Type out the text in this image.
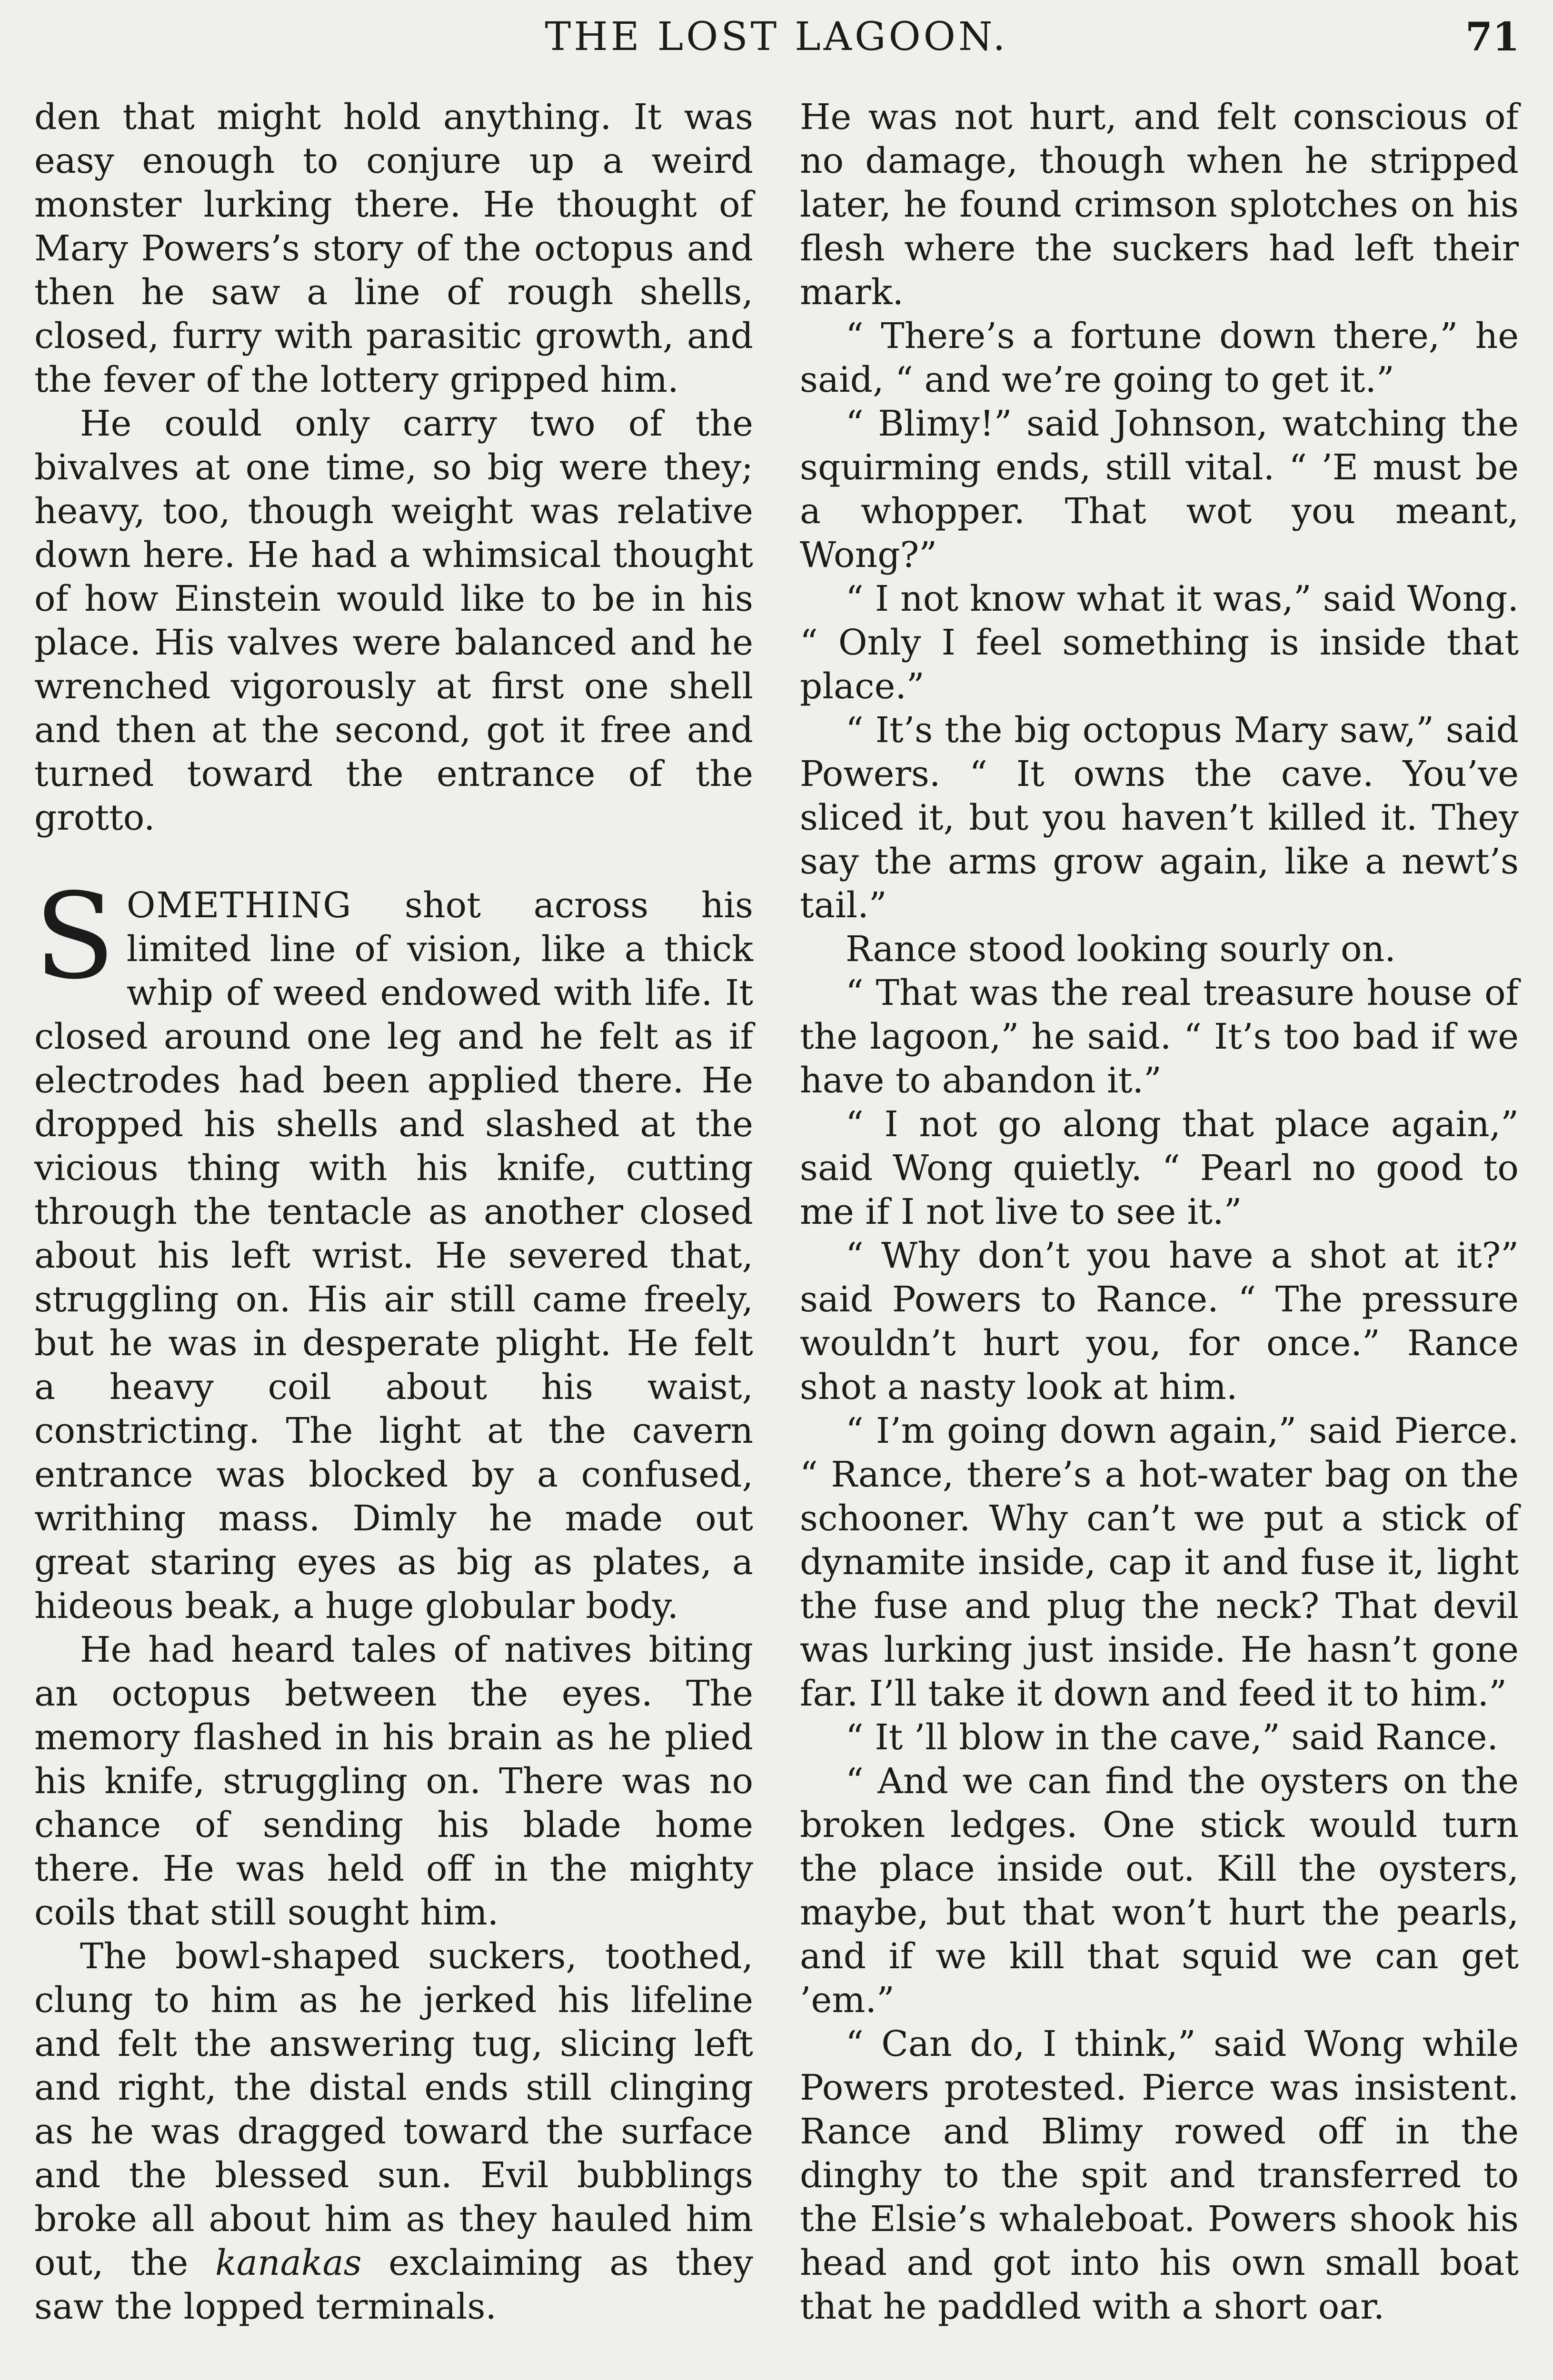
THE LOST LAGOON.	71

den that might hold anything. It was easy enough to conjure up a weird monster lurking there. He thought of Mary Powers’s story of the octopus and then he saw a line of rough shells, closed, furry with parasitic growth, and the fever of the lottery gripped him.

He could only carry two of the bivalves at one time, so big were they; heavy, too, though weight was relative down here. He had a whimsical thought of how Einstein would like to be in his place. His valves were balanced and he wrenched vigorously at first one shell and then at the second, got it free and turned toward the entrance of the grotto.

SOMETHING shot across his limited line of vision, like a thick whip of weed endowed with life. It closed around one leg and he felt as if electrodes had been applied there. He dropped his shells and slashed at the vicious thing with his knife, cutting through the tentacle as another closed about his left wrist. He severed that, struggling on. His air still came freely, but he was in desperate plight. He felt a heavy coil about his waist, constricting. The light at the cavern entrance was blocked by a confused, writhing mass. Dimly he made out great staring eyes as big as plates, a hideous beak, a huge globular body.

He had heard tales of natives biting an octopus between the eyes. The memory flashed in his brain as he plied his knife, struggling on. There was no chance of sending his blade home there. He was held off in the mighty coils that still sought him.

The bowl-shaped suckers, toothed, clung to him as he jerked his lifeline and felt the answering tug, slicing left and right, the distal ends still clinging as he was dragged toward the surface and the blessed sun. Evil bubblings broke all about him as they hauled him out, the kanakas exclaiming as they saw the lopped terminals.

He was not hurt, and felt conscious of no damage, though when he stripped later, he found crimson splotches on his flesh where the suckers had left their mark.

“ There’s a fortune down there,” he said, “ and we’re going to get it.”

“ Blimy!” said Johnson, watching the squirming ends, still vital. “ ’E must be a whopper. That wot you meant, Wong?”

“ I not know what it was,” said Wong. “ Only I feel something is inside that place.”

“ It’s the big octopus Mary saw,” said Powers. “ It owns the cave. You’ve sliced it, but you haven’t killed it. They say the arms grow again, like a newt’s tail.”

Rance stood looking sourly on.

“ That was the real treasure house of the lagoon,” he said. “ It’s too bad if we have to abandon it.”

“ I not go along that place again,” said Wong quietly. “ Pearl no good to me if I not live to see it.”

“ Why don’t you have a shot at it?” said Powers to Rance. “ The pressure wouldn’t hurt you, for once.” Rance shot a nasty look at him.

“ I’m going down again,” said Pierce. “ Rance, there’s a hot-water bag on the schooner. Why can’t we put a stick of dynamite inside, cap it and fuse it, light the fuse and plug the neck? That devil was lurking just inside. He hasn’t gone far. I’ll take it down and feed it to him.”

“ It ’ll blow in the cave,” said Rance.

“ And we can find the oysters on the broken ledges. One stick would turn the place inside out. Kill the oysters, maybe, but that won’t hurt the pearls, and if we kill that squid we can get ’em.”

“ Can do, I think,” said Wong while Powers protested. Pierce was insistent. Rance and Blimy rowed off in the dinghy to the spit and transferred to the Elsie’s whaleboat. Powers shook his head and got into his own small boat that he paddled with a short oar.
